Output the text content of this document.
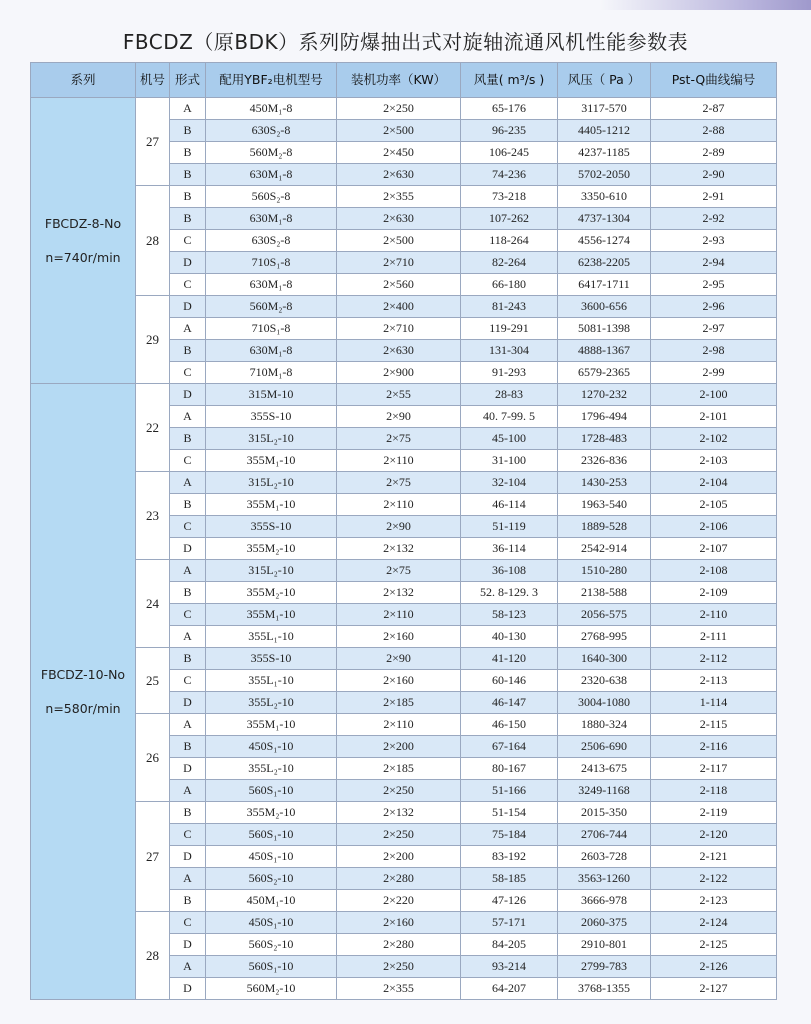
FBCDZ（原BDK）系列防爆抽出式对旋轴流通风机性能参数表
系列	机号	形式	配用YBF₂电机型号	装机功率（KW）	风量( m³/s )	风压（ Pa ）	Pst-Q曲线编号

FBCDZ-8-No
n=740r/min	27	A	450M₁-8	2×250	65-176	3117-570	2-87
		B	630S₂-8	2×500	96-235	4405-1212	2-88
		B	560M₂-8	2×450	106-245	4237-1185	2-89
		B	630M₁-8	2×630	74-236	5702-2050	2-90
	28	B	560S₂-8	2×355	73-218	3350-610	2-91
		B	630M₁-8	2×630	107-262	4737-1304	2-92
		C	630S₂-8	2×500	118-264	4556-1274	2-93
		D	710S₁-8	2×710	82-264	6238-2205	2-94
		C	630M₁-8	2×560	66-180	6417-1711	2-95
	29	D	560M₂-8	2×400	81-243	3600-656	2-96
		A	710S₁-8	2×710	119-291	5081-1398	2-97
		B	630M₁-8	2×630	131-304	4888-1367	2-98
		C	710M₁-8	2×900	91-293	6579-2365	2-99

FBCDZ-10-No
n=580r/min	22	D	315M-10	2×55	28-83	1270-232	2-100
		A	355S-10	2×90	40. 7-99. 5	1796-494	2-101
		B	315L₂-10	2×75	45-100	1728-483	2-102
		C	355M₁-10	2×110	31-100	2326-836	2-103
	23	A	315L₂-10	2×75	32-104	1430-253	2-104
		B	355M₁-10	2×110	46-114	1963-540	2-105
		C	355S-10	2×90	51-119	1889-528	2-106
		D	355M₂-10	2×132	36-114	2542-914	2-107
	24	A	315L₂-10	2×75	36-108	1510-280	2-108
		B	355M₂-10	2×132	52. 8-129. 3	2138-588	2-109
		C	355M₁-10	2×110	58-123	2056-575	2-110
		A	355L₁-10	2×160	40-130	2768-995	2-111
	25	B	355S-10	2×90	41-120	1640-300	2-112
		C	355L₁-10	2×160	60-146	2320-638	2-113
		D	355L₂-10	2×185	46-147	3004-1080	1-114
	26	A	355M₁-10	2×110	46-150	1880-324	2-115
		B	450S₁-10	2×200	67-164	2506-690	2-116
		D	355L₂-10	2×185	80-167	2413-675	2-117
		A	560S₁-10	2×250	51-166	3249-1168	2-118
	27	B	355M₂-10	2×132	51-154	2015-350	2-119
		C	560S₁-10	2×250	75-184	2706-744	2-120
		D	450S₁-10	2×200	83-192	2603-728	2-121
		A	560S₂-10	2×280	58-185	3563-1260	2-122
		B	450M₁-10	2×220	47-126	3666-978	2-123
	28	C	450S₁-10	2×160	57-171	2060-375	2-124
		D	560S₂-10	2×280	84-205	2910-801	2-125
		A	560S₁-10	2×250	93-214	2799-783	2-126
		D	560M₂-10	2×355	64-207	3768-1355	2-127
